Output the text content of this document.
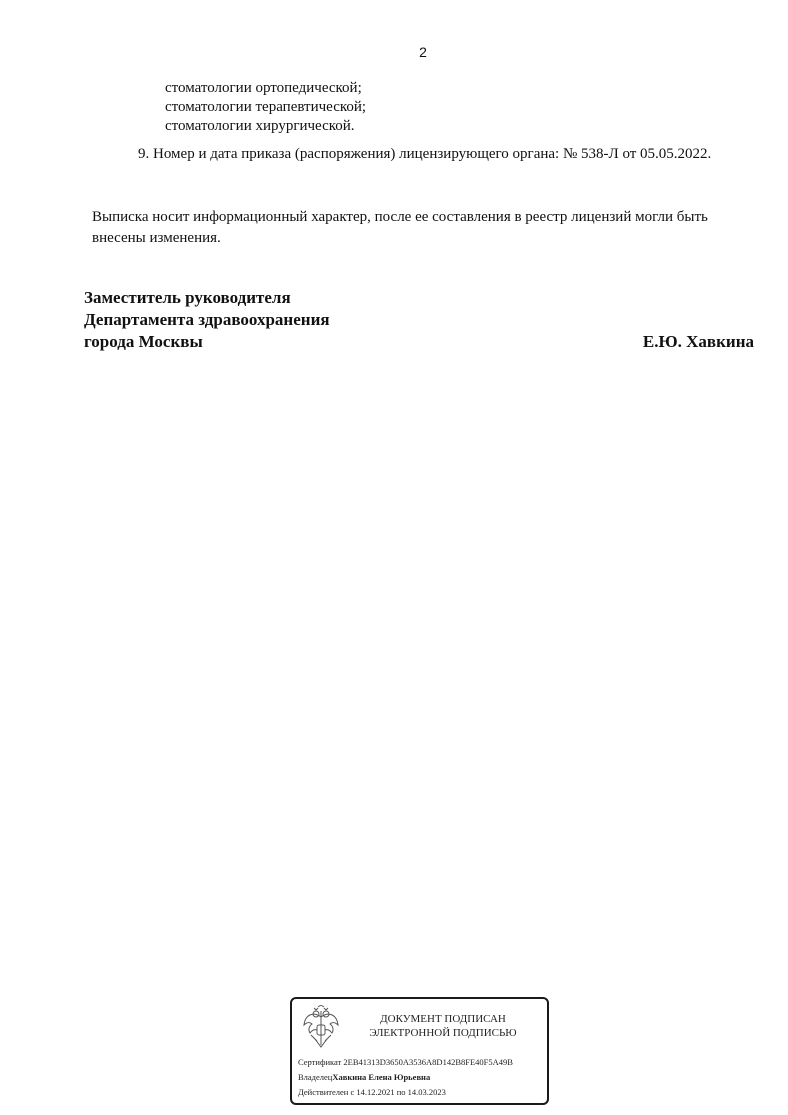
2
стоматологии ортопедической;
стоматологии терапевтической;
стоматологии хирургической.
9. Номер и дата приказа (распоряжения) лицензирующего органа: № 538-Л от 05.05.2022.
Выписка носит информационный характер, после ее составления в реестр лицензий могли быть внесены изменения.
Заместитель руководителя
Департамента здравоохранения
города Москвы	Е.Ю. Хавкина
ДОКУМЕНТ ПОДПИСАН
ЭЛЕКТРОННОЙ ПОДПИСЬЮ
Сертификат 2EB41313D3650A3536A8D142B8FE40F5A49B
ВладелецХавкина Елена Юрьевна
Действителен с 14.12.2021 по 14.03.2023
